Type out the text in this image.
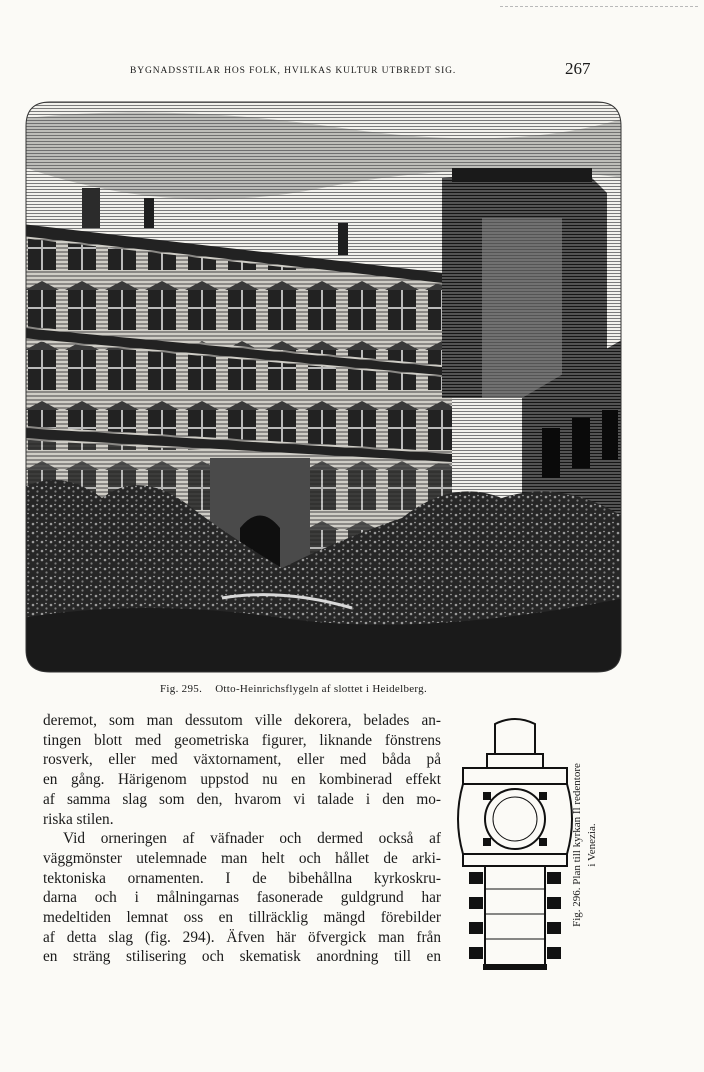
BYGNADSSTILAR HOS FOLK, HVILKAS KULTUR UTBREDT SIG.	267
Fig. 295. Otto-Heinrichsflygeln af slottet i Heidelberg.
deremot, som man dessutom ville dekorera, belades an-
tingen blott med geometriska figurer, liknande fönstrens
rosverk, eller med växtornament, eller med båda på
en gång. Härigenom uppstod nu en kombinerad effekt
af samma slag som den, hvarom vi talade i den mo-
riska stilen.
Vid orneringen af väfnader och dermed också af
väggmönster utelemnade man helt och hållet de arki-
tektoniska ornamenten. I de bibehållna kyrkoskru-
darna och i målningarnas fasonerade guldgrund har
medeltiden lemnat oss en tillräcklig mängd förebilder
af detta slag (fig. 294). Äfven här öfvergick man från
en sträng stilisering och skematisk anordning till en
Fig. 296. Plan till kyrkan Il redentore i Venezia.
